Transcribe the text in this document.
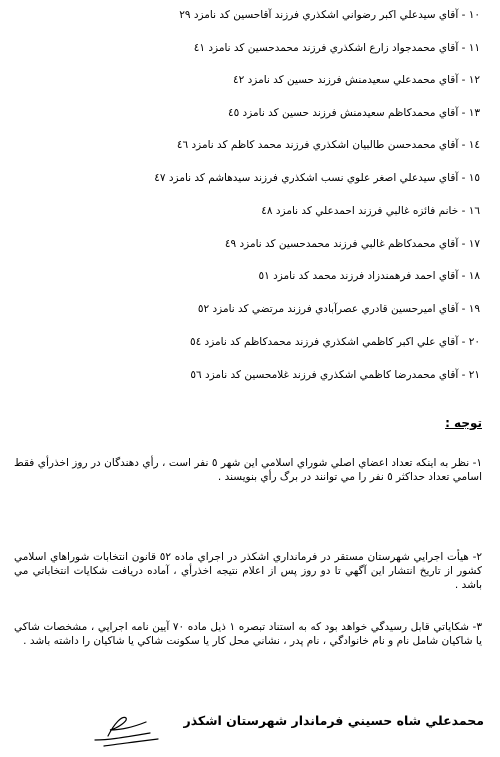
١٠ - آقاي سيدعلي اكبر رضواني اشكذري فرزند آقاحسين كد نامزد ٢٩
١١ - آقاي محمدجواد زارع اشكذري فرزند محمدحسين كد نامزد ٤١
١٢ - آقاي محمدعلي سعيدمنش فرزند حسين كد نامزد ٤٢
١٣ - آقاي محمدكاظم سعيدمنش فرزند حسين كد نامزد ٤٥
١٤ - آقاي محمدحسن طالبيان اشكذري فرزند محمد كاظم كد نامزد ٤٦
١٥ - آقاي سيدعلي اصغر علوي نسب اشكذري فرزند سيدهاشم كد نامزد ٤٧
١٦ - خانم فائزه غالبي فرزند احمدعلي كد نامزد ٤٨
١٧ - آقاي محمدكاظم غالبي فرزند محمدحسين كد نامزد ٤٩
١٨ - آقاي احمد فرهمندزاد فرزند محمد كد نامزد ٥١
١٩ - آقاي اميرحسين قادري عصرآبادي فرزند مرتضي كد نامزد ٥٢
٢٠ - آقاي علي اكبر كاظمي اشكذري فرزند محمدكاظم كد نامزد ٥٤
٢١ - آقاي محمدرضا كاظمي اشكذري فرزند غلامحسين كد نامزد ٥٦
توجه :

١- نظر به اينكه تعداد اعضاي اصلي شوراي اسلامي اين شهر ٥ نفر است ، رأي دهندگان در روز اخذرأي فقط اسامي تعداد حداكثر ٥ نفر را مي توانند در برگ رأي بنويسند .

٢- هيأت اجرايي شهرستان مستقر در فرمانداري اشكذر در اجراي ماده ٥٢ قانون انتخابات شوراهاي اسلامي كشور از تاريخ انتشار اين آگهي تا دو روز پس از اعلام نتيجه اخذرأي ، آماده دريافت شكايات انتخاباتي مي باشد .

٣- شكاياتي قابل رسيدگي خواهد بود كه به استناد تبصره ١ ذيل ماده ٧٠ آيين نامه اجرايي ، مشخصات شاكي يا شاكيان شامل نام و نام خانوادگي ، نام پدر ، نشاني محل كار يا سكونت شاكي يا شاكيان را داشته باشد .

محمدعلي شاه حسيني فرماندار شهرستان اشكذر
